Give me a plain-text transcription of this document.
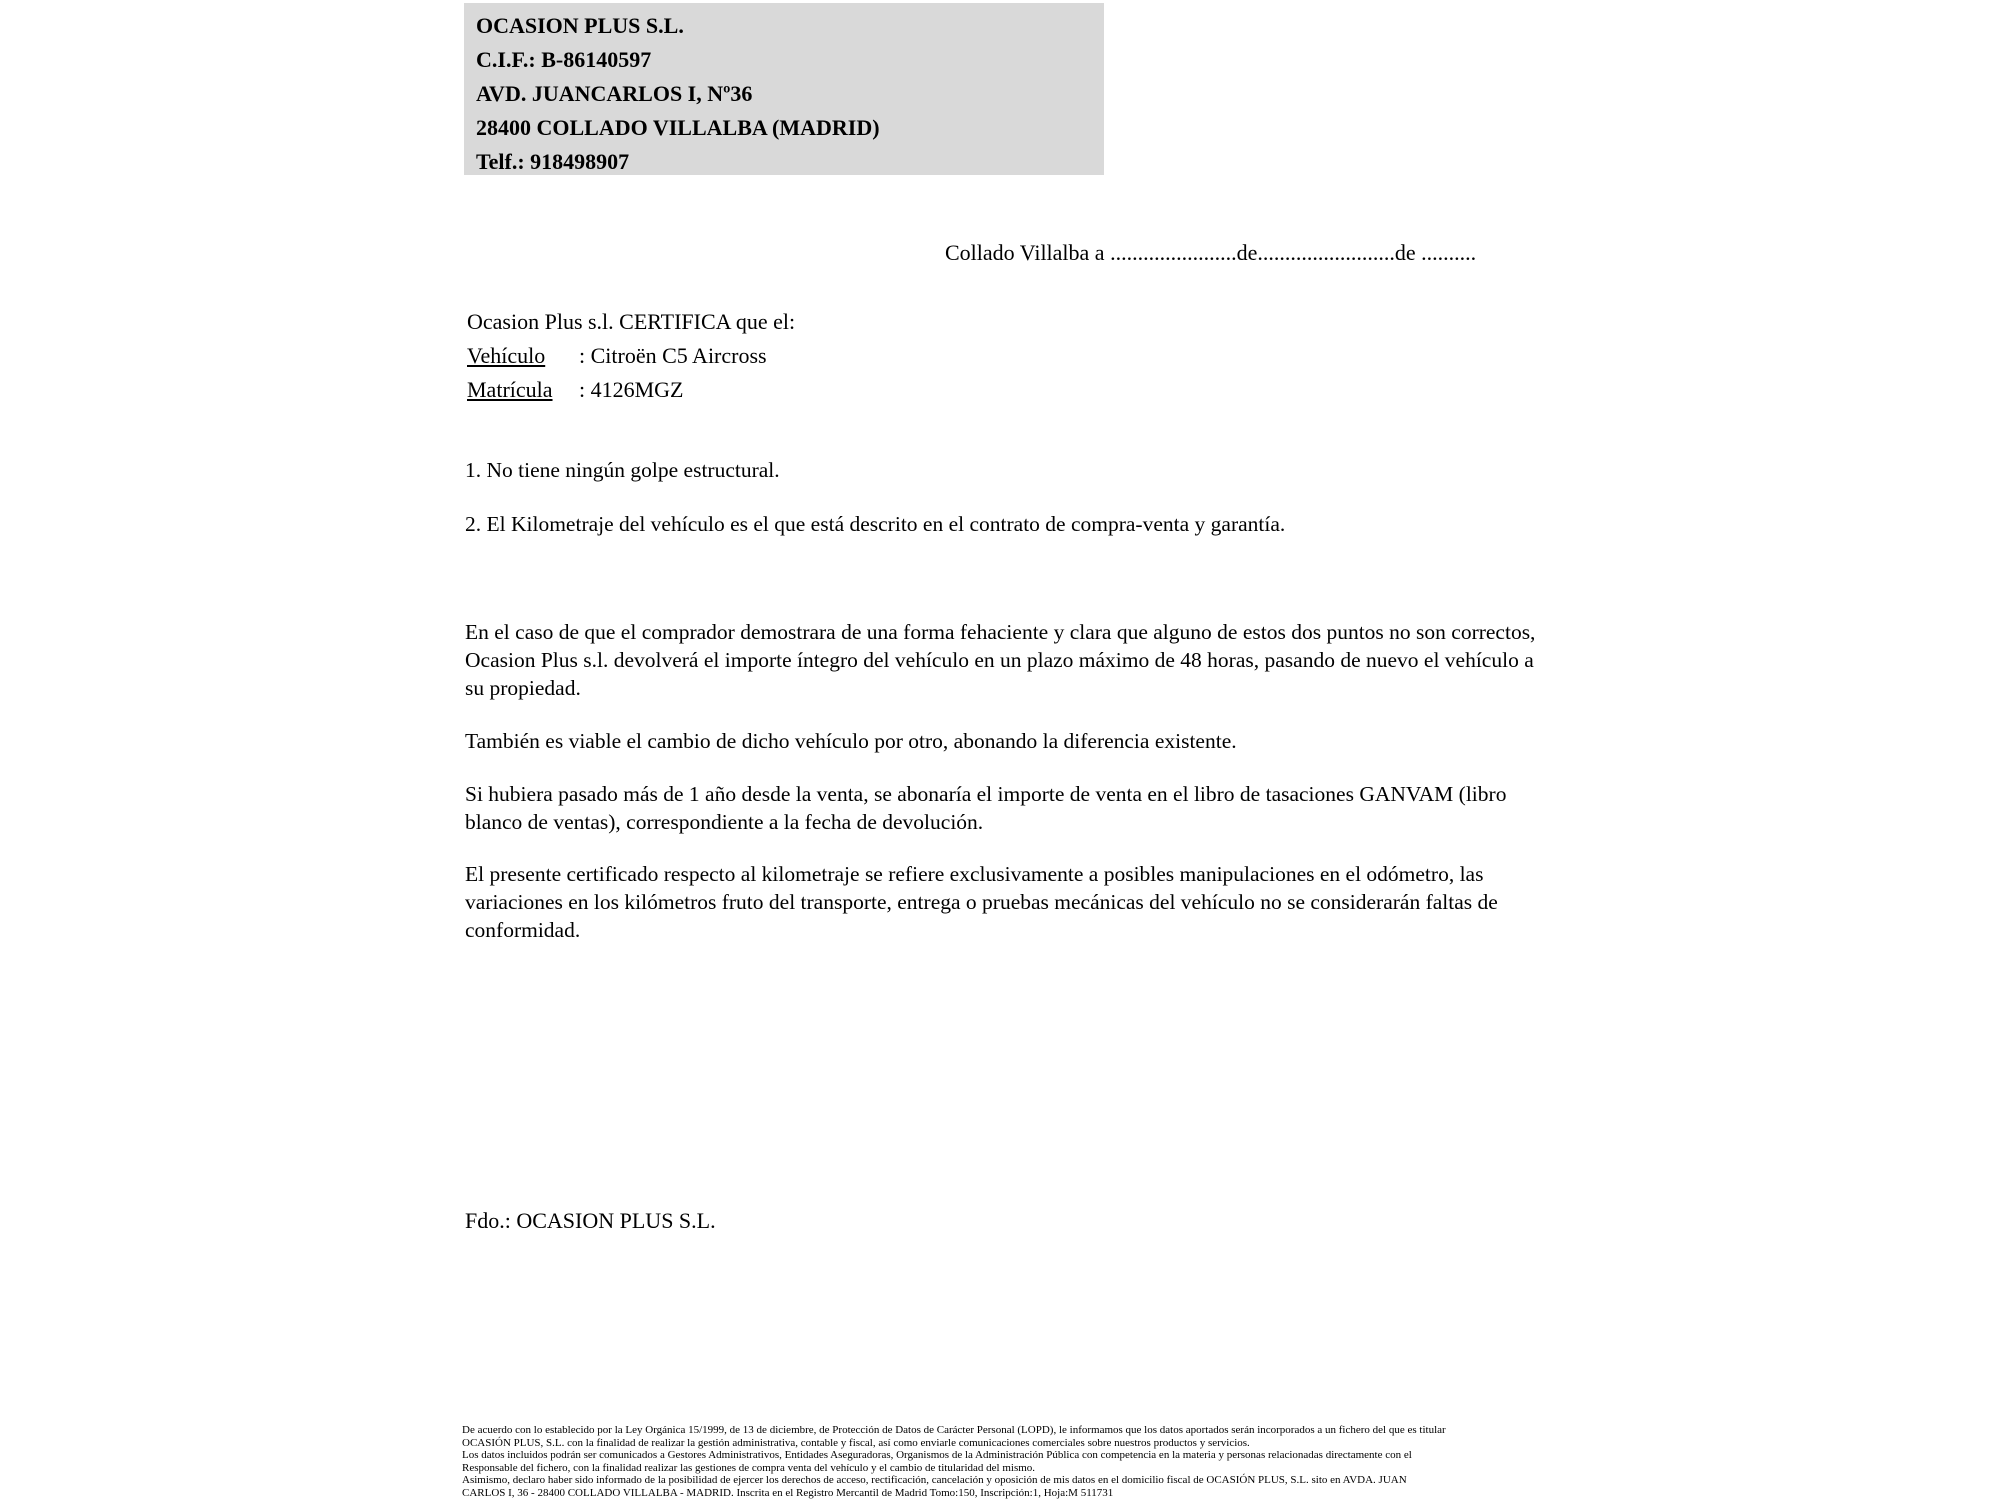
OCASION PLUS S.L.
C.I.F.: B-86140597
AVD. JUANCARLOS I, Nº36
28400 COLLADO VILLALBA (MADRID)
Telf.: 918498907
Collado Villalba a .......................de.........................de ..........
Ocasion Plus s.l. CERTIFICA que el:
Vehículo : Citroën C5 Aircross
Matrícula : 4126MGZ
1. No tiene ningún golpe estructural.
2. El Kilometraje del vehículo es el que está descrito en el contrato de compra-venta y garantía.
En el caso de que el comprador demostrara de una forma fehaciente y clara que alguno de estos dos puntos no son correctos, Ocasion Plus s.l. devolverá el importe íntegro del vehículo en un plazo máximo de 48 horas, pasando de nuevo el vehículo a su propiedad.
También es viable el cambio de dicho vehículo por otro, abonando la diferencia existente.
Si hubiera pasado más de 1 año desde la venta, se abonaría el importe de venta en el libro de tasaciones GANVAM (libro blanco de ventas), correspondiente a la fecha de devolución.
El presente certificado respecto al kilometraje se refiere exclusivamente a posibles manipulaciones en el odómetro, las variaciones en los kilómetros fruto del transporte, entrega o pruebas mecánicas del vehículo no se considerarán faltas de conformidad.
Fdo.: OCASION PLUS S.L.
De acuerdo con lo establecido por la Ley Orgánica 15/1999, de 13 de diciembre, de Protección de Datos de Carácter Personal (LOPD), le informamos que los datos aportados serán incorporados a un fichero del que es titular
OCASIÓN PLUS, S.L. con la finalidad de realizar la gestión administrativa, contable y fiscal, así como enviarle comunicaciones comerciales sobre nuestros productos y servicios.
Los datos incluidos podrán ser comunicados a Gestores Administrativos, Entidades Aseguradoras, Organismos de la Administración Pública con competencia en la materia y personas relacionadas directamente con el
Responsable del fichero, con la finalidad realizar las gestiones de compra venta del vehículo y el cambio de titularidad del mismo.
Asimismo, declaro haber sido informado de la posibilidad de ejercer los derechos de acceso, rectificación, cancelación y oposición de mis datos en el domicilio fiscal de OCASIÓN PLUS, S.L. sito en AVDA. JUAN
CARLOS I, 36 - 28400 COLLADO VILLALBA - MADRID. Inscrita en el Registro Mercantil de Madrid Tomo:150, Inscripción:1, Hoja:M 511731
